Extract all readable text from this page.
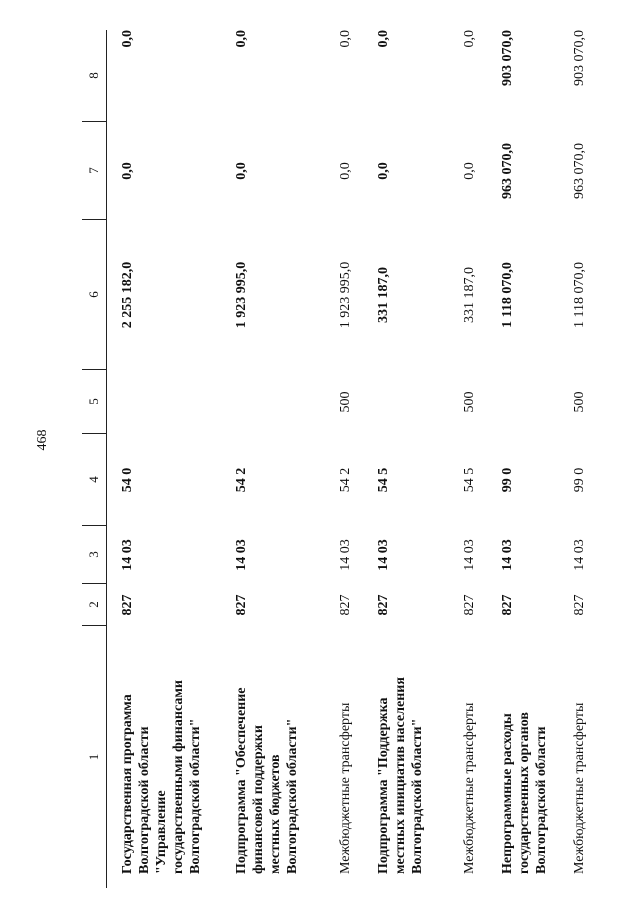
468
1
2
3
4
5
6
7
8
Государственная программа Волгоградской области "Управление государственными финансами Волгоградской области"
827
14 03
54 0
2 255 182,0
0,0
0,0
Подпрограмма "Обеспечение финансовой поддержки местных бюджетов Волгоградской области"
827
14 03
54 2
1 923 995,0
0,0
0,0
Межбюджетные трансферты
827
14 03
54 2
500
1 923 995,0
0,0
0,0
Подпрограмма "Поддержка местных инициатив населения Волгоградской области"
827
14 03
54 5
331 187,0
0,0
0,0
Межбюджетные трансферты
827
14 03
54 5
500
331 187,0
0,0
0,0
Непрограммные расходы государственных органов Волгоградской области
827
14 03
99 0
1 118 070,0
963 070,0
903 070,0
Межбюджетные трансферты
827
14 03
99 0
500
1 118 070,0
963 070,0
903 070,0
